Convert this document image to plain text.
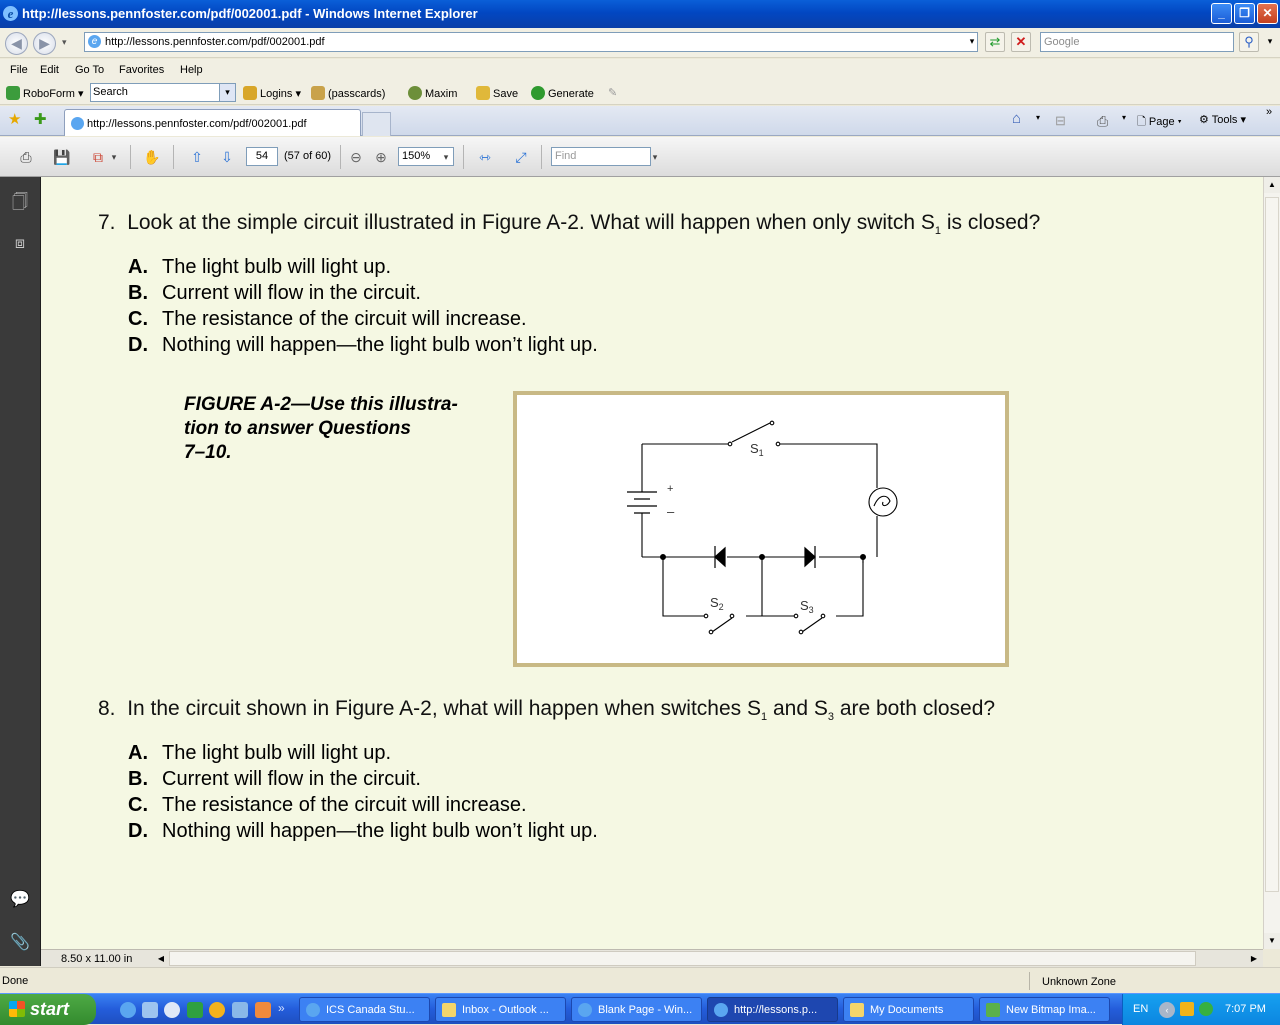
e http://lessons.pennfoster.com/pdf/002001.pdf - Windows Internet Explorer	_	❐	✕
◀	▶	▾	e http://lessons.pennfoster.com/pdf/002001.pdf	▾	⇄	✕	Google	⚲	▾
File Edit Go To Favorites Help
RoboForm ▾ Search	▾	Logins ▾	(passcards)	Maxim	Save	Generate ✎
★ ✚	http://lessons.pennfoster.com/pdf/002001.pdf	⌂ ▾ ⊟ ⎙ ▾ 🗋 Page ▾ ⚙ Tools ▾
»
⎙	💾	⧉ ▾ ✋	⇧	⇩	54	(57 of 60)	⊖ ⊕	150%	▾	⇿	⤢	Find	▾
🗍
⧈
💬
📎
7. Look at the simple circuit illustrated in Figure A-2. What will happen when only switch $S_1$ is closed?
A. The light bulb will light up.
B. Current will flow in the circuit.
C. The resistance of the circuit will increase.
D. Nothing will happen—the light bulb won’t light up.
FIGURE A-2—Use this illustra-
tion to answer Questions
7–10.	$S_1$
$S_2$	$S_3$
+
–
8. In the circuit shown in Figure A-2, what will happen when switches $S_1$ and $S_3$ are both closed?
A. The light bulb will light up.
B. Current will flow in the circuit.
C. The resistance of the circuit will increase.
D. Nothing will happen—the light bulb won’t light up.
▲
▼
8.50 x 11.00 in	◀	▶
Done	Unknown Zone
start	»	ICS Canada Stu...	Inbox - Outlook ...	Blank Page - Win...	http://lessons.p...	My Documents	New Bitmap Ima...	EN	‹	7:07 PM
